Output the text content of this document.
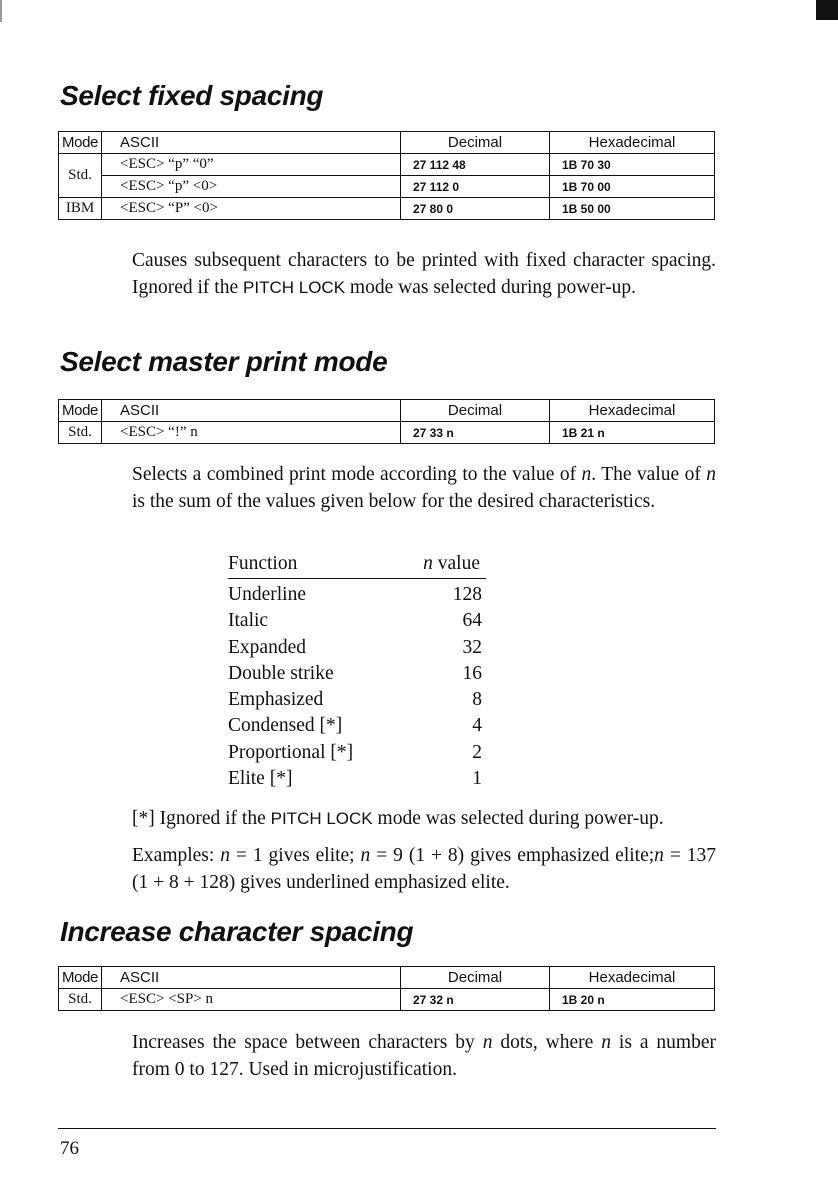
Select fixed spacing
Mode	ASCII	Decimal	Hexadecimal
Std.	<ESC> “p” “0”	27 112 48	1B 70 30
	<ESC> “p” <0>	27 112 0	1B 70 00
IBM	<ESC> “P” <0>	27 80 0	1B 50 00

Causes subsequent characters to be printed with fixed character spacing. Ignored if the PITCH LOCK mode was selected during power-up.

Select master print mode
Mode	ASCII	Decimal	Hexadecimal
Std.	<ESC> “!” n	27 33 n	1B 21 n

Selects a combined print mode according to the value of n. The value of n is the sum of the values given below for the desired characteristics.

Function	n value
Underline	128
Italic	64
Expanded	32
Double strike	16
Emphasized	8
Condensed [*]	4
Proportional [*]	2
Elite [*]	1

[*] Ignored if the PITCH LOCK mode was selected during power-up.

Examples: n = 1 gives elite; n = 9 (1 + 8) gives emphasized elite;n = 137 (1 + 8 + 128) gives underlined emphasized elite.

Increase character spacing
Mode	ASCII	Decimal	Hexadecimal
Std.	<ESC> <SP> n	27 32 n	1B 20 n

Increases the space between characters by n dots, where n is a number from 0 to 127. Used in microjustification.

76
